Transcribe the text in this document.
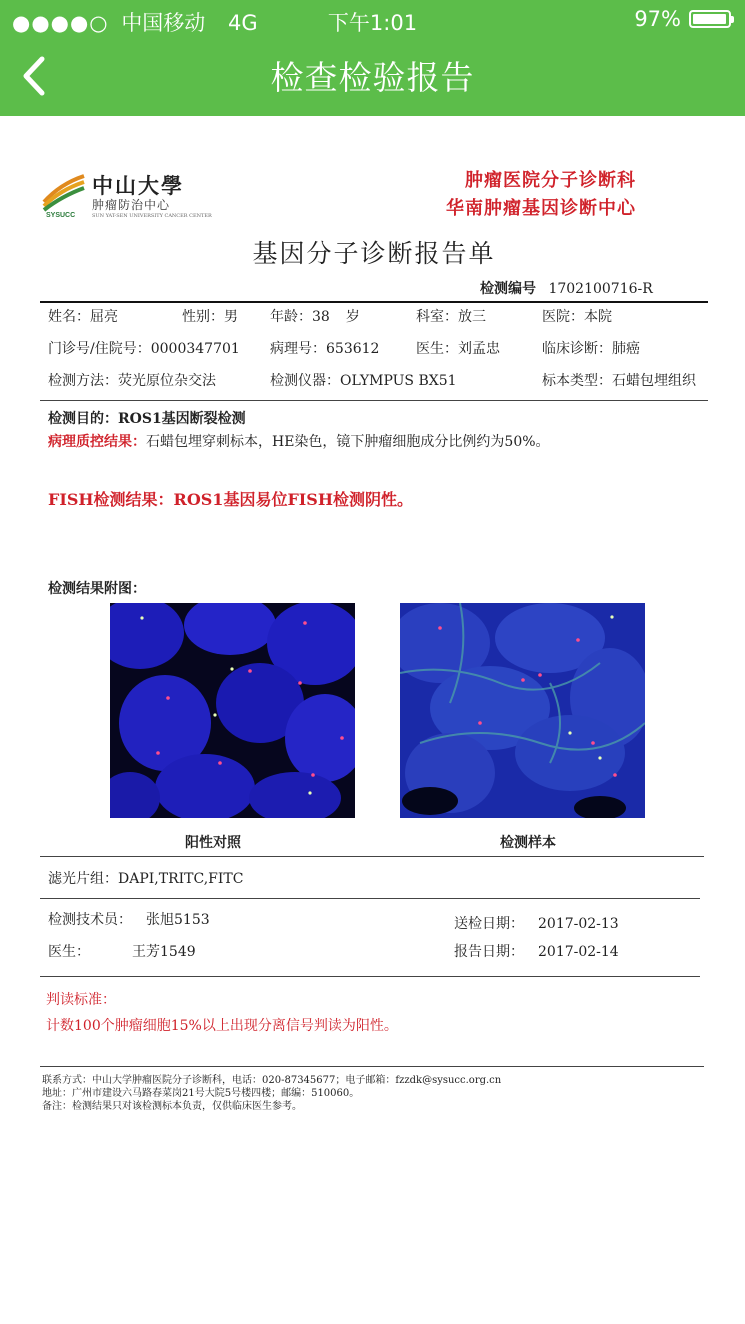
●●●●○ 中国移动 4G	下午1:01	97%
检查检验报告
SYSUCC
中山大學
肿瘤防治中心
SUN YAT-SEN UNIVERSITY CANCER CENTER
肿瘤医院分子诊断科
华南肿瘤基因诊断中心
基因分子诊断报告单
检测编号 1702100716-R
姓名：屈亮	性别：男 年龄：38 岁	科室：放三	医院：本院
门诊号/住院号：0000347701 病理号：653612	医生：刘孟忠	临床诊断：肺癌
检测方法：荧光原位杂交法	检测仪器：OLYMPUS BX51	标本类型：石蜡包埋组织
检测目的：ROS1基因断裂检测
病理质控结果：石蜡包埋穿刺标本，HE染色，镜下肿瘤细胞成分比例约为50%。
FISH检测结果：ROS1基因易位FISH检测阴性。
检测结果附图：
阳性对照	检测样本
滤光片组：DAPI,TRITC,FITC
检测技术员： 张旭5153	送检日期： 2017-02-13
医生：	王芳1549	报告日期： 2017-02-14
判读标准：
计数100个肿瘤细胞15%以上出现分离信号判读为阳性。
联系方式：中山大学肿瘤医院分子诊断科，电话：020-87345677；电子邮箱：fzzdk@sysucc.org.cn
地址：广州市建设六马路春菜岗21号大院5号楼四楼；邮编：510060。
备注：检测结果只对该检测标本负责，仅供临床医生参考。
